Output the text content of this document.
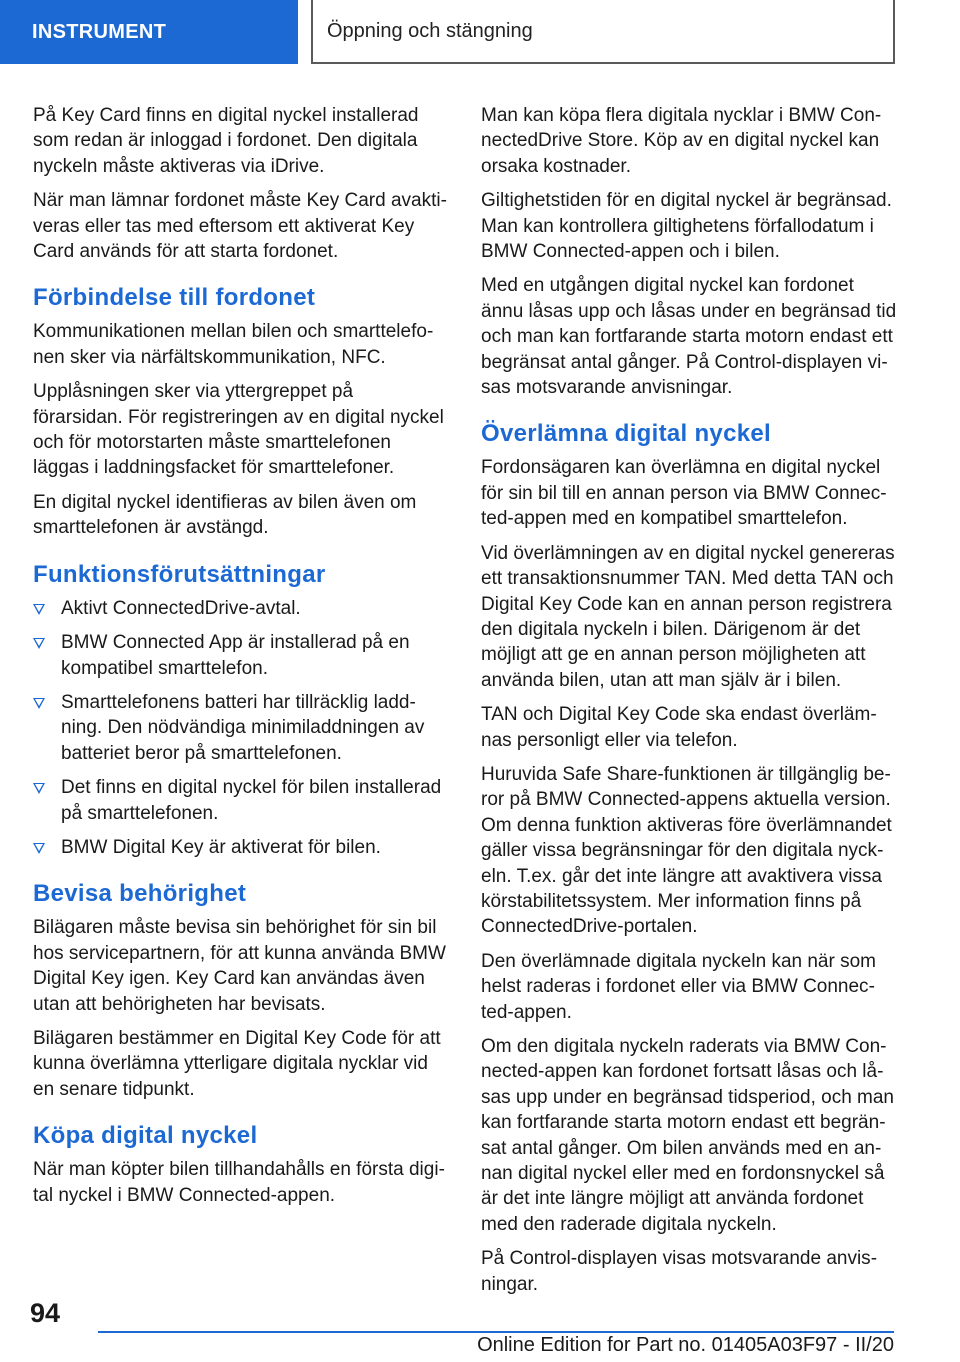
INSTRUMENT	Öppning och stängning

På Key Card finns en digital nyckel installerad som redan är inloggad i fordonet. Den digitala nyckeln måste aktiveras via iDrive.

När man lämnar fordonet måste Key Card avaktiveras eller tas med eftersom ett aktiverat Key Card används för att starta fordonet.

Förbindelse till fordonet

Kommunikationen mellan bilen och smarttelefonen sker via närfältskommunikation, NFC.

Upplåsningen sker via yttergreppet på förarsidan. För registreringen av en digital nyckel och för motorstarten måste smarttelefonen läggas i laddningsfacket för smarttelefoner.

En digital nyckel identifieras av bilen även om smarttelefonen är avstängd.

Funktionsförutsättningar
Aktivt ConnectedDrive-avtal.
BMW Connected App är installerad på en kompatibel smarttelefon.
Smarttelefonens batteri har tillräcklig laddning. Den nödvändiga minimiladdningen av batteriet beror på smarttelefonen.
Det finns en digital nyckel för bilen installerad på smarttelefonen.
BMW Digital Key är aktiverat för bilen.
Bevisa behörighet

Bilägaren måste bevisa sin behörighet för sin bil hos servicepartnern, för att kunna använda BMW Digital Key igen. Key Card kan användas även utan att behörigheten har bevisats.

Bilägaren bestämmer en Digital Key Code för att kunna överlämna ytterligare digitala nycklar vid en senare tidpunkt.

Köpa digital nyckel

När man köpter bilen tillhandahålls en första digital nyckel i BMW Connected-appen.

Man kan köpa flera digitala nycklar i BMW ConnectedDrive Store. Köp av en digital nyckel kan orsaka kostnader.

Giltighetstiden för en digital nyckel är begränsad. Man kan kontrollera giltighetens förfallodatum i BMW Connected-appen och i bilen.

Med en utgången digital nyckel kan fordonet ännu låsas upp och låsas under en begränsad tid och man kan fortfarande starta motorn endast ett begränsat antal gånger. På Control-displayen visas motsvarande anvisningar.

Överlämna digital nyckel

Fordonsägaren kan överlämna en digital nyckel för sin bil till en annan person via BMW Connected-appen med en kompatibel smarttelefon.

Vid överlämningen av en digital nyckel genereras ett transaktionsnummer TAN. Med detta TAN och Digital Key Code kan en annan person registrera den digitala nyckeln i bilen. Därigenom är det möjligt att ge en annan person möjligheten att använda bilen, utan att man själv är i bilen.

TAN och Digital Key Code ska endast överlämnas personligt eller via telefon.

Huruvida Safe Share-funktionen är tillgänglig beror på BMW Connected-appens aktuella version. Om denna funktion aktiveras före överlämnandet gäller vissa begränsningar för den digitala nyckeln. T.ex. går det inte längre att avaktivera vissa körstabilitetssystem. Mer information finns på ConnectedDrive-portalen.

Den överlämnade digitala nyckeln kan när som helst raderas i fordonet eller via BMW Connected-appen.

Om den digitala nyckeln raderats via BMW Connected-appen kan fordonet fortsatt låsas och låsas upp under en begränsad tidsperiod, och man kan fortfarande starta motorn endast ett begränsat antal gånger. Om bilen används med en annan digital nyckel eller med en fordonsnyckel så är det inte längre möjligt att använda fordonet med den raderade digitala nyckeln.

På Control-displayen visas motsvarande anvisningar.

94
Online Edition for Part no. 01405A03F97 - II/20
